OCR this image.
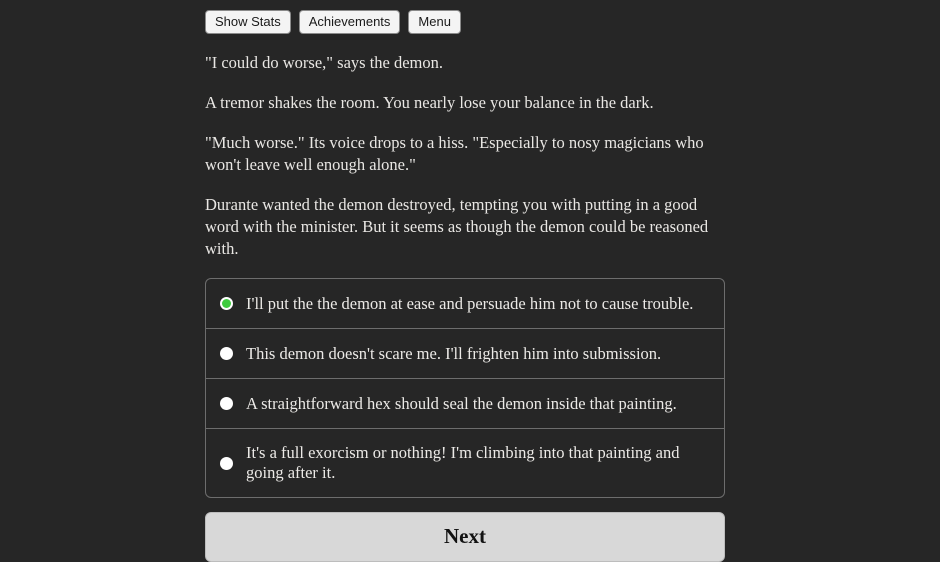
Show Stats	Achievements	Menu

"I could do worse," says the demon.

A tremor shakes the room. You nearly lose your balance in the dark.

"Much worse." Its voice drops to a hiss. "Especially to nosy magicians who won't leave well enough alone."

Durante wanted the demon destroyed, tempting you with putting in a good word with the minister. But it seems as though the demon could be reasoned with.

I'll put the the demon at ease and persuade him not to cause trouble.
This demon doesn't scare me. I'll frighten him into submission.
A straightforward hex should seal the demon inside that painting.
It's a full exorcism or nothing! I'm climbing into that painting and going after it.
Next
